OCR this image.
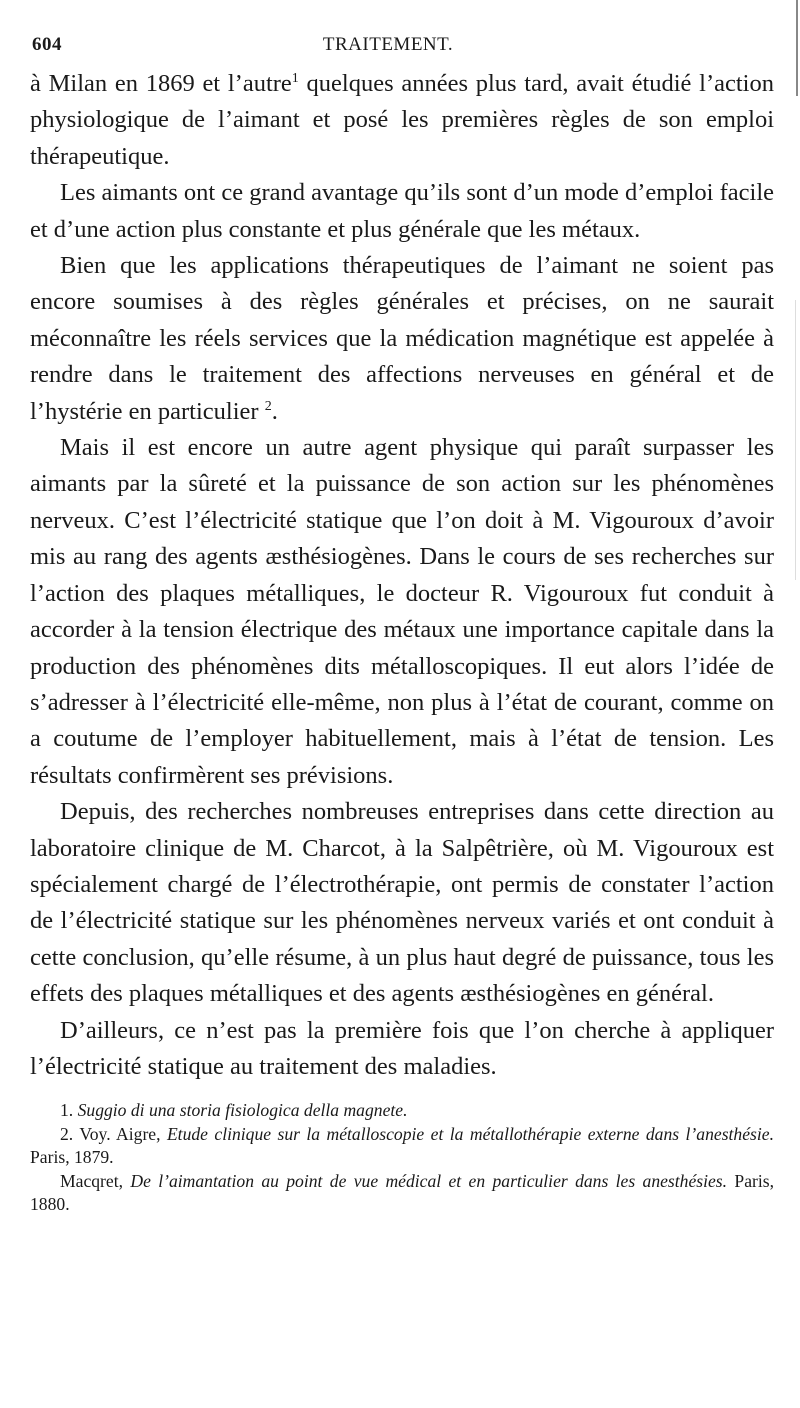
604	TRAITEMENT.

à Milan en 1869 et l’autre$^1$ quelques années plus tard, avait étudié l’action physiologique de l’aimant et posé les premières règles de son emploi thérapeutique.

Les aimants ont ce grand avantage qu’ils sont d’un mode d’emploi facile et d’une action plus constante et plus générale que les métaux.

Bien que les applications thérapeutiques de l’aimant ne soient pas encore soumises à des règles générales et précises, on ne saurait méconnaître les réels services que la médication magnétique est appelée à rendre dans le traitement des affections nerveuses en général et de l’hystérie en particulier $^2$.

Mais il est encore un autre agent physique qui paraît surpasser les aimants par la sûreté et la puissance de son action sur les phénomènes nerveux. C’est l’électricité statique que l’on doit à M. Vigouroux d’avoir mis au rang des agents æsthésiogènes. Dans le cours de ses recherches sur l’action des plaques métalliques, le docteur R. Vigouroux fut conduit à accorder à la tension électrique des métaux une importance capitale dans la production des phénomènes dits métalloscopiques. Il eut alors l’idée de s’adresser à l’électricité elle-même, non plus à l’état de courant, comme on a coutume de l’employer habituellement, mais à l’état de tension. Les résultats confirmèrent ses prévisions.

Depuis, des recherches nombreuses entreprises dans cette direction au laboratoire clinique de M. Charcot, à la Salpêtrière, où M. Vigouroux est spécialement chargé de l’électrothérapie, ont permis de constater l’action de l’électricité statique sur les phénomènes nerveux variés et ont conduit à cette conclusion, qu’elle résume, à un plus haut degré de puissance, tous les effets des plaques métalliques et des agents æsthésiogènes en général.

D’ailleurs, ce n’est pas la première fois que l’on cherche à appliquer l’électricité statique au traitement des maladies.

1. Suggio di una storia fisiologica della magnete.

2. Voy. Aigre, Etude clinique sur la métalloscopie et la métallothérapie externe dans l’anesthésie. Paris, 1879.

Macqret, De l’aimantation au point de vue médical et en particulier dans les anesthésies. Paris, 1880.
